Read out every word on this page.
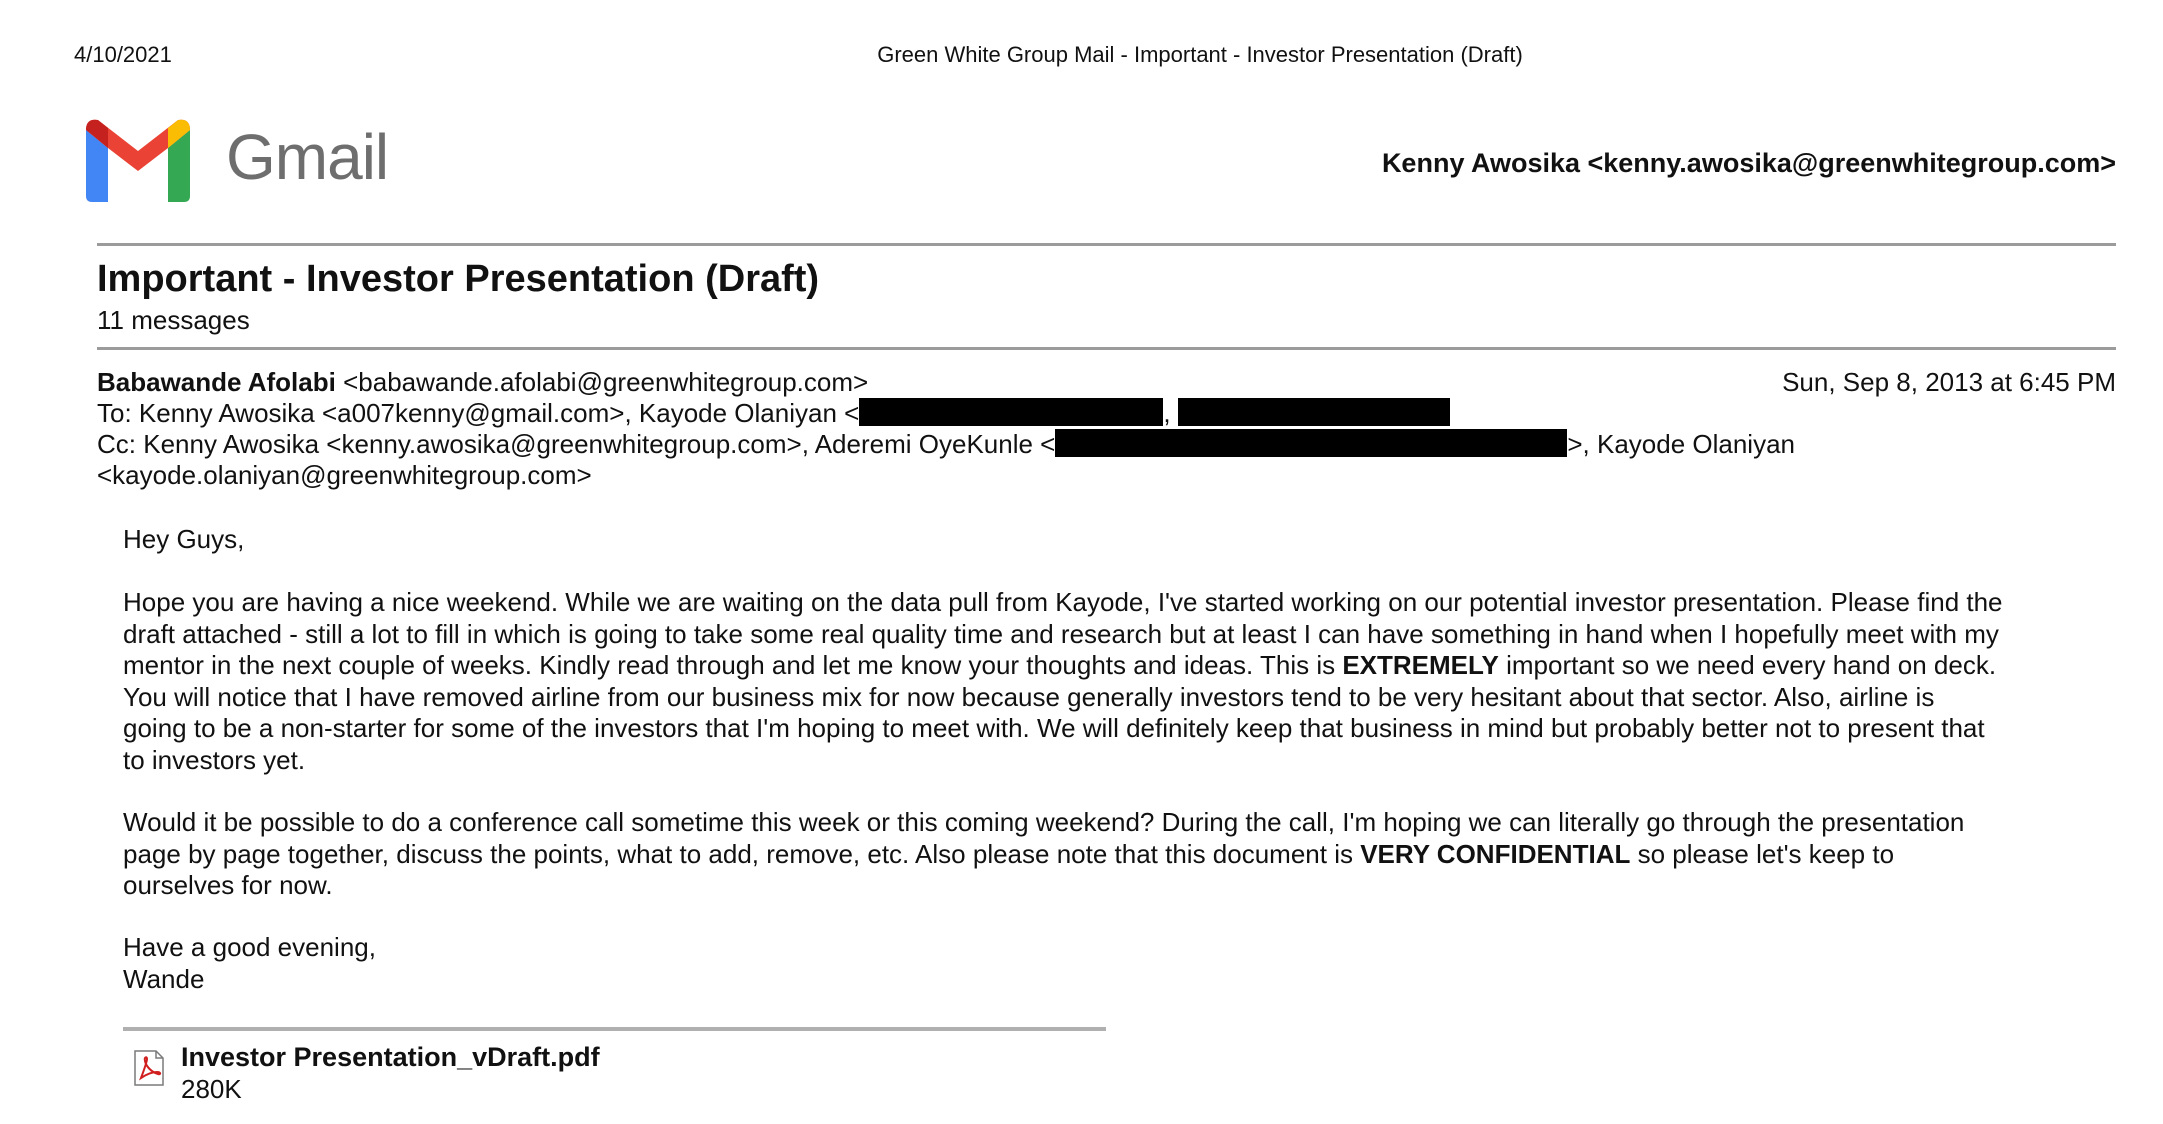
4/10/2021	Green White Group Mail - Important - Investor Presentation (Draft)
Gmail	Kenny Awosika <kenny.awosika@greenwhitegroup.com>
Important - Investor Presentation (Draft)
11 messages
Babawande Afolabi <babawande.afolabi@greenwhitegroup.com>	Sun, Sep 8, 2013 at 6:45 PM
To: Kenny Awosika <a007kenny@gmail.com>, Kayode Olaniyan <	,
Cc: Kenny Awosika <kenny.awosika@greenwhitegroup.com>, Aderemi OyeKunle <	>, Kayode Olaniyan
<kayode.olaniyan@greenwhitegroup.com>
Hey Guys,
Hope you are having a nice weekend. While we are waiting on the data pull from Kayode, I've started working on our potential investor presentation. Please find the
draft attached - still a lot to fill in which is going to take some real quality time and research but at least I can have something in hand when I hopefully meet with my
mentor in the next couple of weeks. Kindly read through and let me know your thoughts and ideas. This is EXTREMELY important so we need every hand on deck.
You will notice that I have removed airline from our business mix for now because generally investors tend to be very hesitant about that sector. Also, airline is
going to be a non-starter for some of the investors that I'm hoping to meet with. We will definitely keep that business in mind but probably better not to present that
to investors yet.
Would it be possible to do a conference call sometime this week or this coming weekend? During the call, I'm hoping we can literally go through the presentation
page by page together, discuss the points, what to add, remove, etc. Also please note that this document is VERY CONFIDENTIAL so please let's keep to
ourselves for now.
Have a good evening,
Wande
Investor Presentation_vDraft.pdf
280K
